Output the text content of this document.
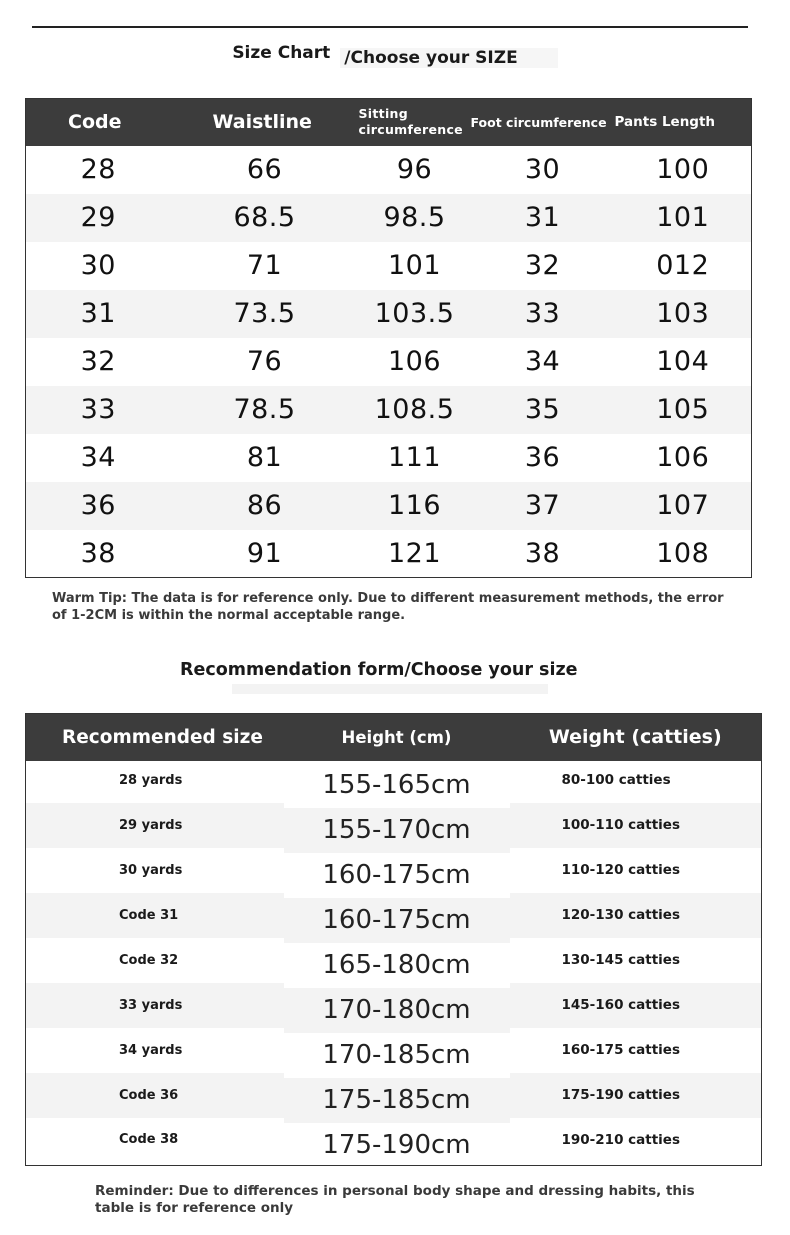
Size Chart /Choose your SIZE
Code	Waistline	Sitting circumference	Foot circumference	Pants Length
28	66	96	30	100
29	68.5	98.5	31	101
30	71	101	32	012
31	73.5	103.5	33	103
32	76	106	34	104
33	78.5	108.5	35	105
34	81	111	36	106
36	86	116	37	107
38	91	121	38	108
Warm Tip: The data is for reference only. Due to different measurement methods, the error of 1-2CM is within the normal acceptable range.
Recommendation form/Choose your size
Recommended size	Height (cm)	Weight (catties)
28 yards	155-165cm	80-100 catties
29 yards	155-170cm	100-110 catties
30 yards	160-175cm	110-120 catties
Code 31	160-175cm	120-130 catties
Code 32	165-180cm	130-145 catties
33 yards	170-180cm	145-160 catties
34 yards	170-185cm	160-175 catties
Code 36	175-185cm	175-190 catties
Code 38	175-190cm	190-210 catties
Reminder: Due to differences in personal body shape and dressing habits, this table is for reference only
